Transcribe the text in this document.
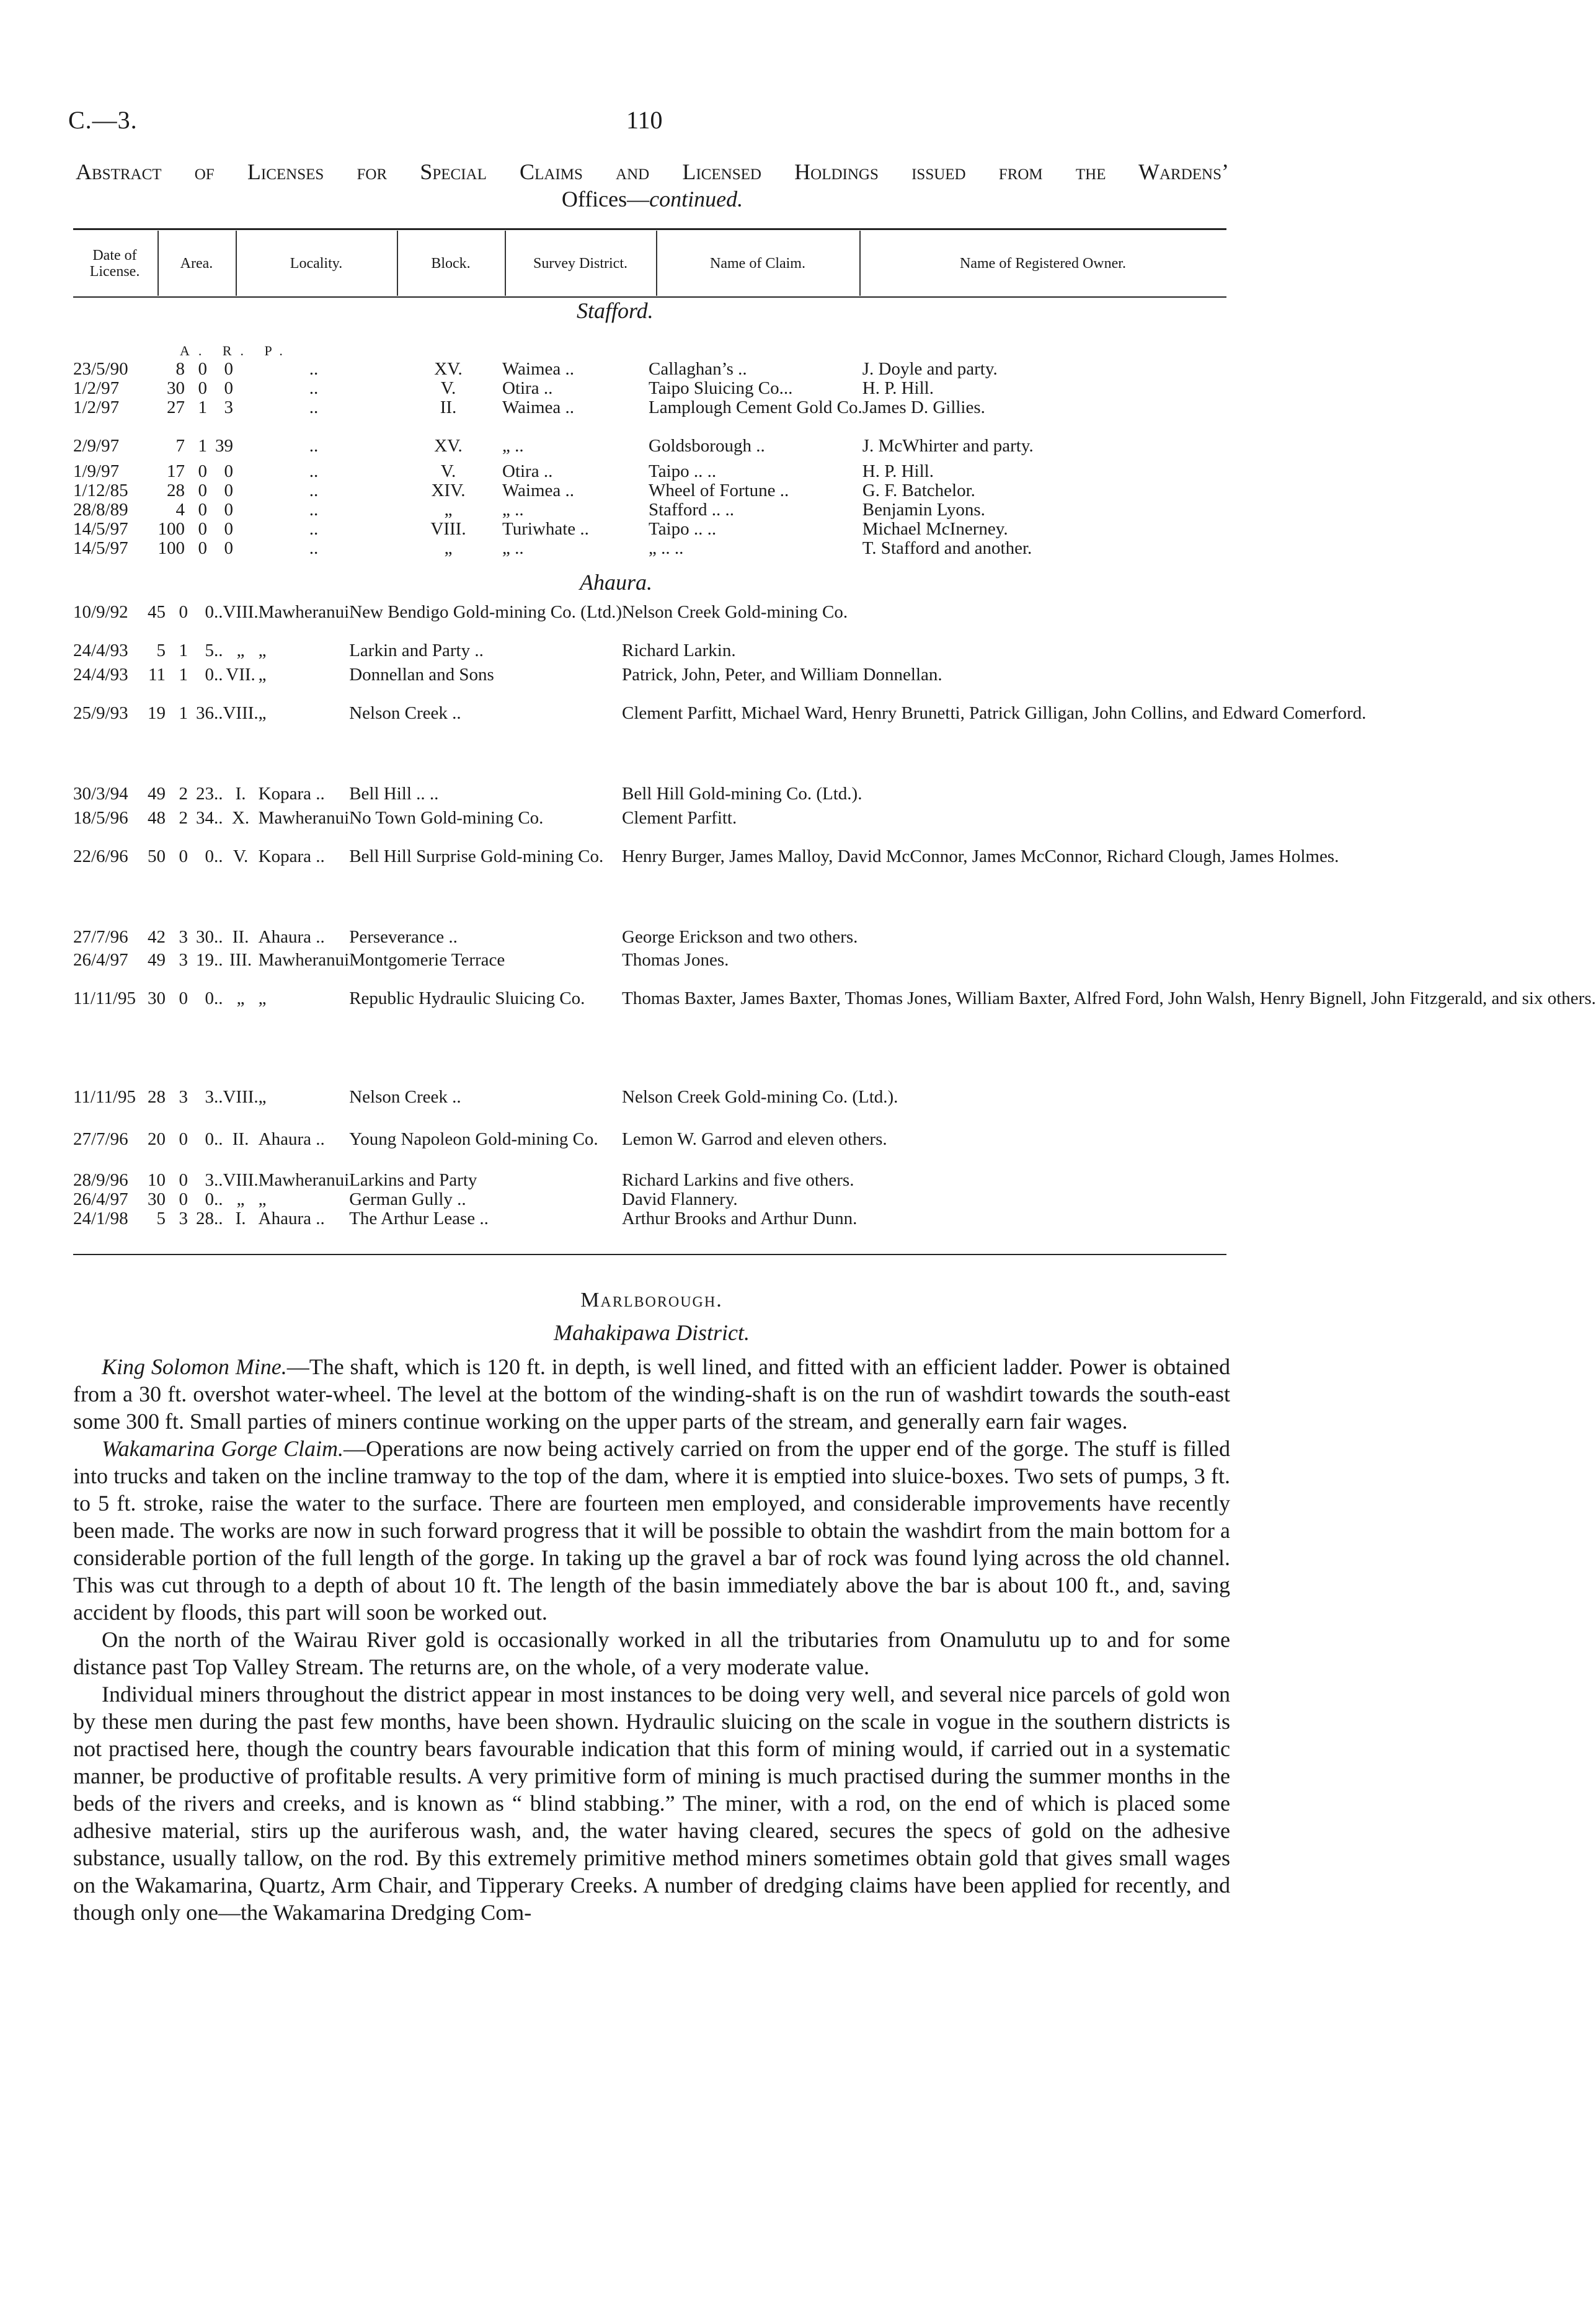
C.—3.	110
Abstract of Licenses for Special Claims and Licensed Holdings issued from the Wardens’
Offices—continued.
Date of License.	Area.	Locality.	Block.	Survey District.	Name of Claim.	Name of Registered Owner.
Stafford.
A. R. P.
23/5/90	8 0 0	..	XV.	Waimea ..	Callaghan’s ..	J. Doyle and party.
1/2/97	30 0 0	..	V.	Otira ..	Taipo Sluicing Co...	H. P. Hill.
1/2/97	27 1 3	..	II.	Waimea ..	Lamplough Cement Gold Co.	James D. Gillies.
2/9/97	7 1 39	..	XV.	„ ..	Goldsborough ..	J. McWhirter and party.
1/9/97	17 0 0	..	V.	Otira ..	Taipo .. ..	H. P. Hill.
1/12/85	28 0 0	..	XIV.	Waimea ..	Wheel of Fortune ..	G. F. Batchelor.
28/8/89	4 0 0	..	„	„ ..	Stafford .. ..	Benjamin Lyons.
14/5/97	100 0 0	..	VIII.	Turiwhate ..	Taipo .. ..	Michael McInerney.
14/5/97	100 0 0	..	„	„ ..	„ .. ..	T. Stafford and another.
Ahaura.
10/9/92	45 0 0	..	VIII.	Mawheranui	New Bendigo Gold-mining Co. (Ltd.)	Nelson Creek Gold-mining Co.
24/4/93	5 1 5	..	„	„	Larkin and Party ..	Richard Larkin.
24/4/93	11 1 0	..	VII.	„	Donnellan and Sons	Patrick, John, Peter, and William Donnellan.
25/9/93	19 1 36	..	VIII.	„	Nelson Creek ..	Clement Parfitt, Michael Ward, Henry Brunetti, Patrick Gilligan, John Collins, and Edward Comerford.
30/3/94	49 2 23	..	I.	Kopara ..	Bell Hill .. ..	Bell Hill Gold-mining Co. (Ltd.).
18/5/96	48 2 34	..	X.	Mawheranui	No Town Gold-mining Co.	Clement Parfitt.
22/6/96	50 0 0	..	V.	Kopara ..	Bell Hill Surprise Gold-mining Co.	Henry Burger, James Malloy, David McConnor, James McConnor, Richard Clough, James Holmes.
27/7/96	42 3 30	..	II.	Ahaura ..	Perseverance ..	George Erickson and two others.
26/4/97	49 3 19	..	III.	Mawheranui	Montgomerie Terrace	Thomas Jones.
11/11/95	30 0 0	..	„	„	Republic Hydraulic Sluicing Co.	Thomas Baxter, James Baxter, Thomas Jones, William Baxter, Alfred Ford, John Walsh, Henry Bignell, John Fitzgerald, and six others.
11/11/95	28 3 3	..	VIII.	„	Nelson Creek ..	Nelson Creek Gold-mining Co. (Ltd.).
27/7/96	20 0 0	..	II.	Ahaura ..	Young Napoleon Gold-mining Co.	Lemon W. Garrod and eleven others.
28/9/96	10 0 3	..	VIII.	Mawheranui	Larkins and Party	Richard Larkins and five others.
26/4/97	30 0 0	..	„	„	German Gully ..	David Flannery.
24/1/98	5 3 28	..	I.	Ahaura ..	The Arthur Lease ..	Arthur Brooks and Arthur Dunn.
Marlborough.
Mahakipawa District.

King Solomon Mine.—The shaft, which is 120 ft. in depth, is well lined, and fitted with an efficient ladder. Power is obtained from a 30 ft. overshot water-wheel. The level at the bottom of the winding-shaft is on the run of washdirt towards the south-east some 300 ft. Small parties of miners continue working on the upper parts of the stream, and generally earn fair wages.

Wakamarina Gorge Claim.—Operations are now being actively carried on from the upper end of the gorge. The stuff is filled into trucks and taken on the incline tramway to the top of the dam, where it is emptied into sluice-boxes. Two sets of pumps, 3 ft. to 5 ft. stroke, raise the water to the surface. There are fourteen men employed, and considerable improvements have recently been made. The works are now in such forward progress that it will be possible to obtain the washdirt from the main bottom for a considerable portion of the full length of the gorge. In taking up the gravel a bar of rock was found lying across the old channel. This was cut through to a depth of about 10 ft. The length of the basin immediately above the bar is about 100 ft., and, saving accident by floods, this part will soon be worked out.

On the north of the Wairau River gold is occasionally worked in all the tributaries from Onamulutu up to and for some distance past Top Valley Stream. The returns are, on the whole, of a very moderate value.

Individual miners throughout the district appear in most instances to be doing very well, and several nice parcels of gold won by these men during the past few months, have been shown. Hydraulic sluicing on the scale in vogue in the southern districts is not practised here, though the country bears favourable indication that this form of mining would, if carried out in a systematic manner, be productive of profitable results. A very primitive form of mining is much practised during the summer months in the beds of the rivers and creeks, and is known as “ blind stabbing.” The miner, with a rod, on the end of which is placed some adhesive material, stirs up the auriferous wash, and, the water having cleared, secures the specs of gold on the adhesive substance, usually tallow, on the rod. By this extremely primitive method miners sometimes obtain gold that gives small wages on the Wakamarina, Quartz, Arm Chair, and Tipperary Creeks. A number of dredging claims have been applied for recently, and though only one—the Wakamarina Dredging Com-
